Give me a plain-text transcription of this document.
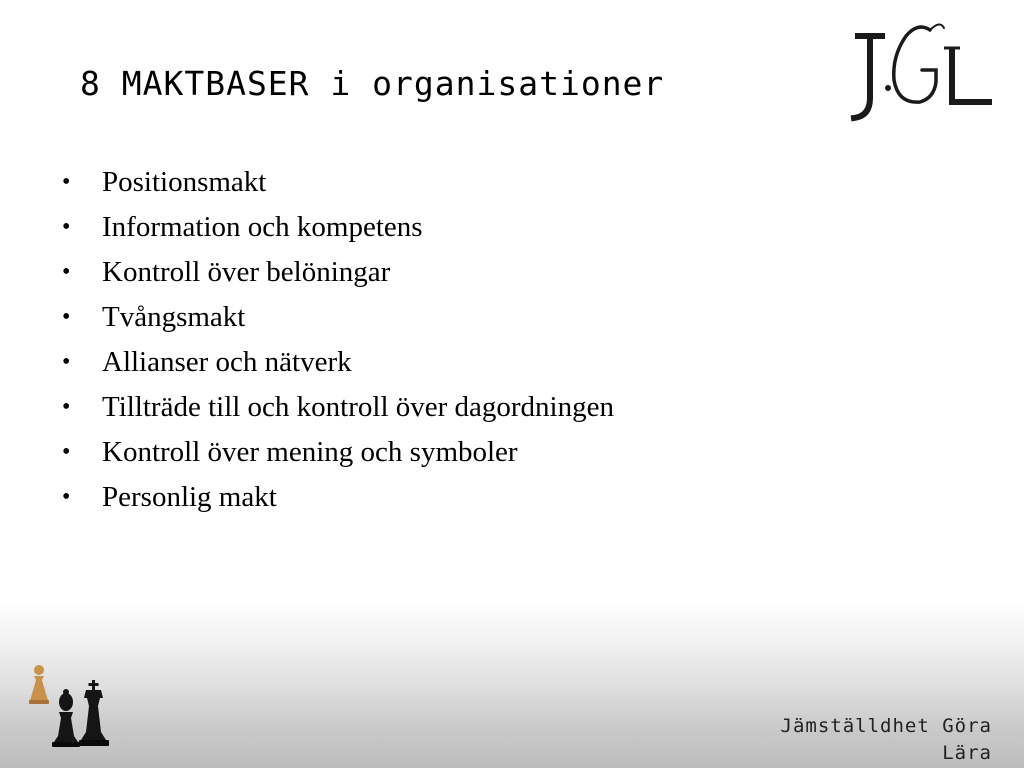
8 MAKTBASER i organisationer
• Positionsmakt
• Information och kompetens
• Kontroll över belöningar
• Tvångsmakt
• Allianser och nätverk
• Tillträde till och kontroll över dagordningen
• Kontroll över mening och symboler
• Personlig makt
Jämställdhet Göra
Lära
